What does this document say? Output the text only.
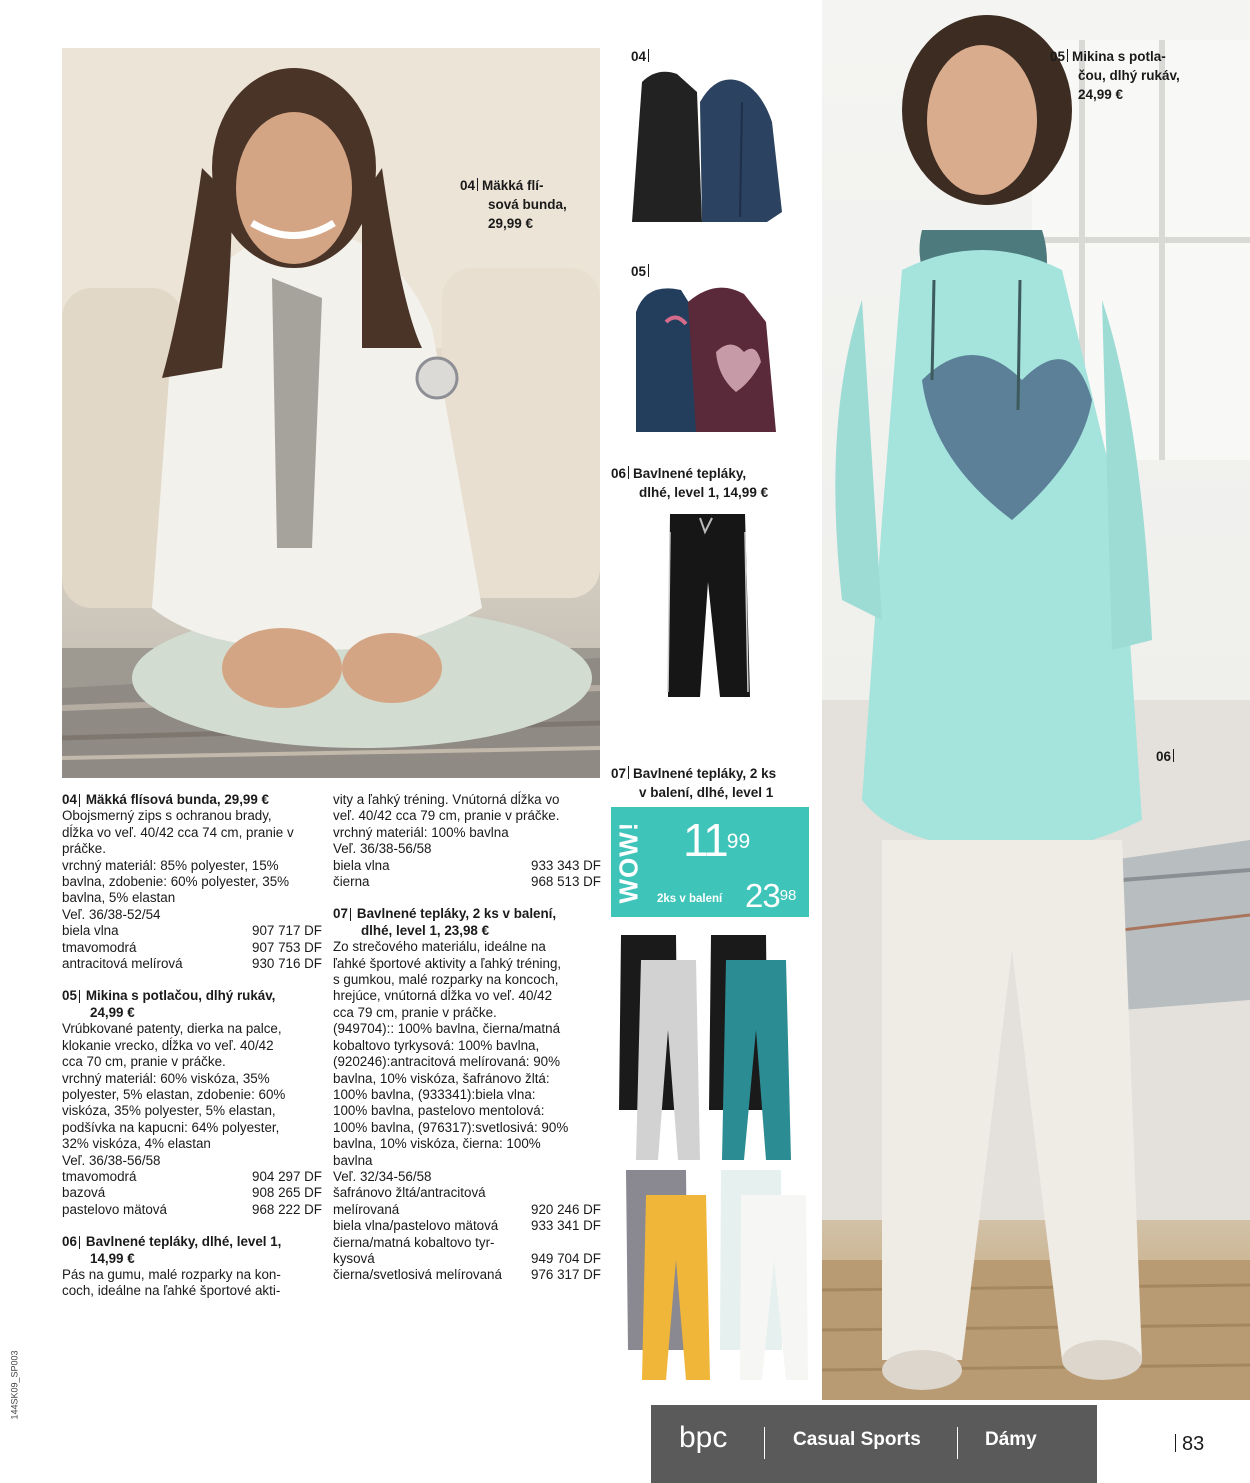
04
04 Mäkká flí-
sová bunda,
29,99 €
05
05 Mikina s potla-
čou, dlhý rukáv,
24,99 €
06 Bavlnené tepláky,
dlhé, level 1, 14,99 €
06
07 Bavlnené tepláky, 2 ks
v balení, dlhé, level 1
WOW! $11^{99}$
2ks v balení $23^{98}$
04 Mäkká flísová bunda, 29,99 €

Obojsmerný zips s ochranou brady,

dĺžka vo veľ. 40/42 cca 74 cm, pranie v

práčke.

vrchný materiál: 85% polyester, 15%

bavlna, zdobenie: 60% polyester, 35%

bavlna, 5% elastan

Veľ. 36/38-52/54

biela vlna	907 717 DF
tmavomodrá	907 753 DF
antracitová melírová	930 716 DF
05 Mikina s potlačou, dlhý rukáv,
24,99 €

Vrúbkované patenty, dierka na palce,

klokanie vrecko, dĺžka vo veľ. 40/42

cca 70 cm, pranie v práčke.

vrchný materiál: 60% viskóza, 35%

polyester, 5% elastan, zdobenie: 60%

viskóza, 35% polyester, 5% elastan,

podšívka na kapucni: 64% polyester,

32% viskóza, 4% elastan

Veľ. 36/38-56/58

tmavomodrá	904 297 DF
bazová	908 265 DF
pastelovo mätová	968 222 DF
06 Bavlnené tepláky, dlhé, level 1,
14,99 €

Pás na gumu, malé rozparky na kon-

coch, ideálne na ľahké športové akti-

vity a ľahký tréning. Vnútorná dĺžka vo

veľ. 40/42 cca 79 cm, pranie v práčke.

vrchný materiál: 100% bavlna

Veľ. 36/38-56/58

biela vlna	933 343 DF
čierna	968 513 DF
07 Bavlnené tepláky, 2 ks v balení,
dlhé, level 1, 23,98 €

Zo strečového materiálu, ideálne na

ľahké športové aktivity a ľahký tréning,

s gumkou, malé rozparky na koncoch,

hrejúce, vnútorná dĺžka vo veľ. 40/42

cca 79 cm, pranie v práčke.

(949704):: 100% bavlna, čierna/matná

kobaltovo tyrkysová: 100% bavlna,

(920246):antracitová melírovaná: 90%

bavlna, 10% viskóza, šafránovo žltá:

100% bavlna, (933341):biela vlna:

100% bavlna, pastelovo mentolová:

100% bavlna, (976317):svetlosivá: 90%

bavlna, 10% viskóza, čierna: 100%

bavlna

Veľ. 32/34-56/58

šafránovo žltá/antracitová
melírovaná	920 246 DF
biela vlna/pastelovo mätová 933 341 DF
čierna/matná kobaltovo tyr-
kysová	949 704 DF
čierna/svetlosivá melírovaná 976 317 DF
bpc	Casual Sports	Dámy	83
144SK09_SP003
